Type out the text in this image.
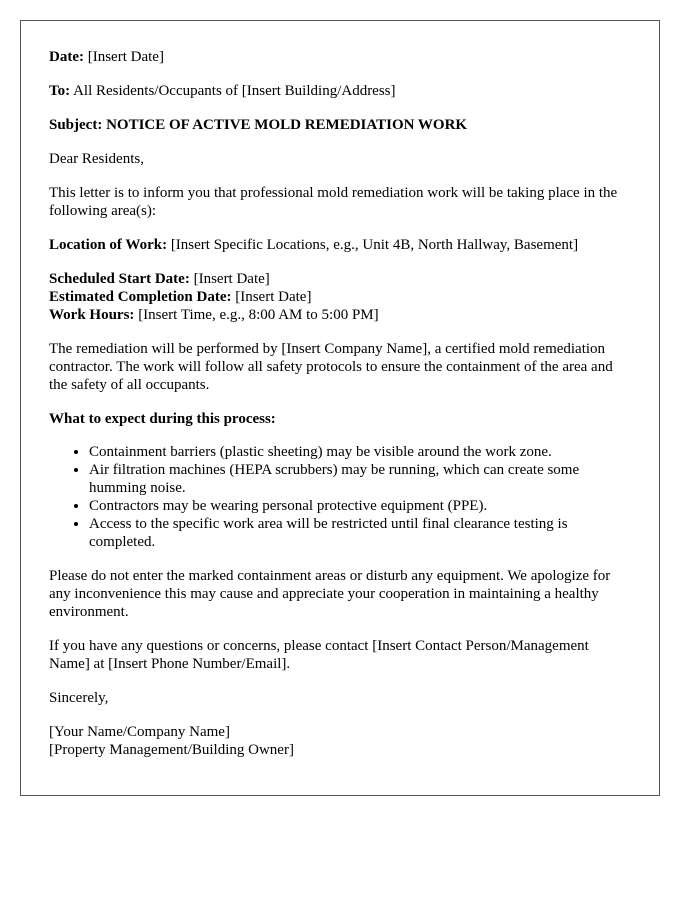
Date: [Insert Date]

To: All Residents/Occupants of [Insert Building/Address]

Subject: NOTICE OF ACTIVE MOLD REMEDIATION WORK

Dear Residents,

This letter is to inform you that professional mold remediation work will be taking place in the following area(s):

Location of Work: [Insert Specific Locations, e.g., Unit 4B, North Hallway, Basement]

Scheduled Start Date: [Insert Date]
Estimated Completion Date: [Insert Date]
Work Hours: [Insert Time, e.g., 8:00 AM to 5:00 PM]

The remediation will be performed by [Insert Company Name], a certified mold remediation contractor. The work will follow all safety protocols to ensure the containment of the area and the safety of all occupants.

What to expect during this process:
• Containment barriers (plastic sheeting) may be visible around the work zone.
• Air filtration machines (HEPA scrubbers) may be running, which can create some humming noise.
• Contractors may be wearing personal protective equipment (PPE).
• Access to the specific work area will be restricted until final clearance testing is completed.

Please do not enter the marked containment areas or disturb any equipment. We apologize for any inconvenience this may cause and appreciate your cooperation in maintaining a healthy environment.

If you have any questions or concerns, please contact [Insert Contact Person/Management Name] at [Insert Phone Number/Email].

Sincerely,

[Your Name/Company Name]
[Property Management/Building Owner]
